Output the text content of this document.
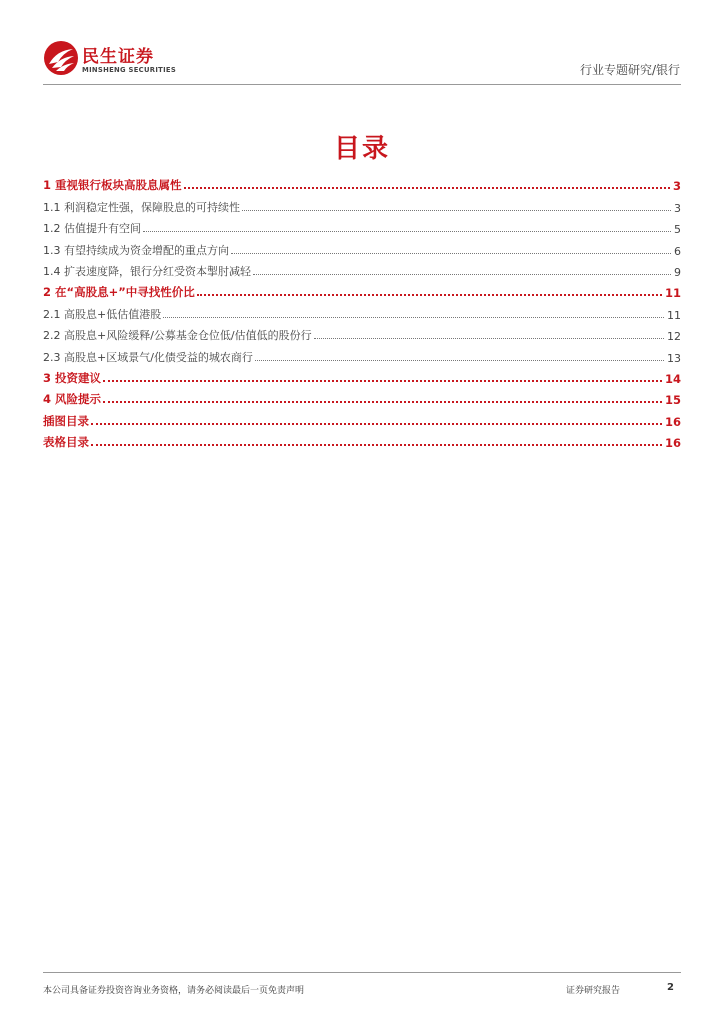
民生证券
MINSHENG SECURITIES	行业专题研究/银行
目录
1 重视银行板块高股息属性	3
1.1 利润稳定性强，保障股息的可持续性	3
1.2 估值提升有空间	5
1.3 有望持续成为资金增配的重点方向	6
1.4 扩表速度降，银行分红受资本掣肘减轻	9
2 在“高股息+”中寻找性价比	11
2.1 高股息+低估值港股	11
2.2 高股息+风险缓释/公募基金仓位低/估值低的股份行	12
2.3 高股息+区域景气/化债受益的城农商行	13
3 投资建议	14
4 风险提示	15
插图目录	16
表格目录	16
本公司具备证券投资咨询业务资格，请务必阅读最后一页免责声明	证券研究报告	2
